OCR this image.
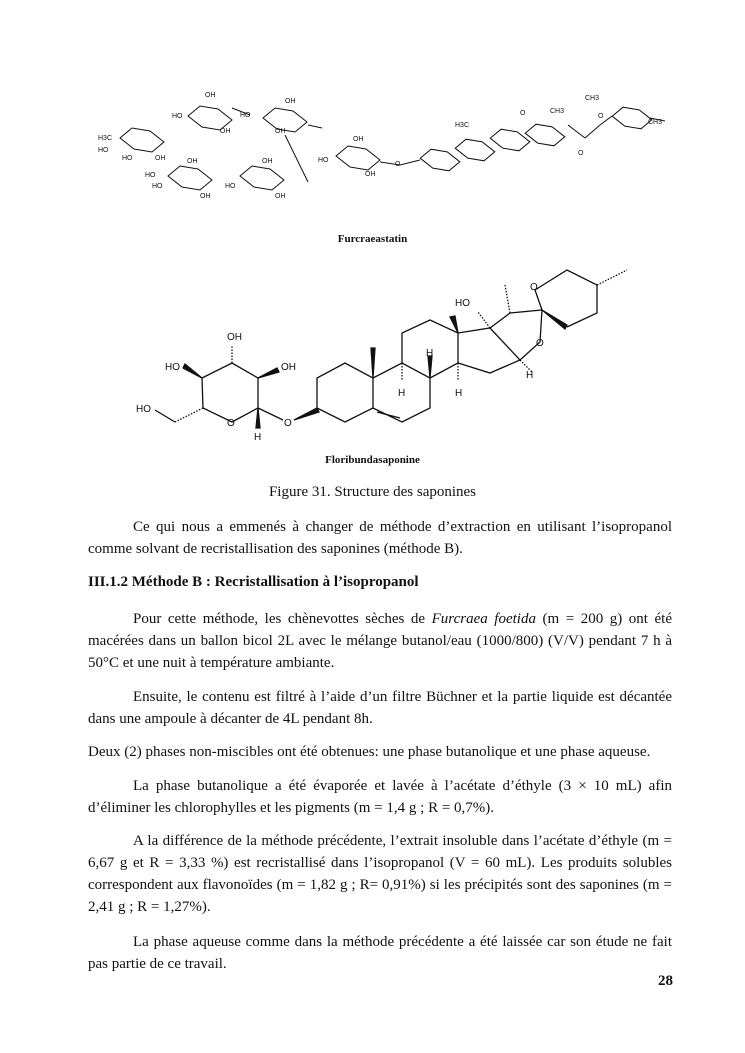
OH
HO	OH
HO
O	O
H
HO
O
O
H
H
H
H
OH
HO
OH
OH
HO
OH
H3C
HO
HO	OH	OH
HO
HO
OH
OH
HO
OH
OH
HO
OH
O
H3C
O	CH3
CH3
O
O
CH3
Furcraeastatin
Floribundasaponine
Figure 31. Structure des saponines

Ce qui nous a emmenés à changer de méthode d’extraction en utilisant l’isopropanol comme solvant de recristallisation des saponines (méthode B).

III.1.2 Méthode B : Recristallisation à l’isopropanol

Pour cette méthode, les chènevottes sèches de Furcraea foetida (m = 200 g) ont été macérées dans un ballon bicol 2L avec le mélange butanol/eau (1000/800) (V/V) pendant 7 h à 50°C et une nuit à température ambiante.

Ensuite, le contenu est filtré à l’aide d’un filtre Büchner et la partie liquide est décantée dans une ampoule à décanter de 4L pendant 8h.

Deux (2) phases non-miscibles ont été obtenues: une phase butanolique et une phase aqueuse.

La phase butanolique a été évaporée et lavée à l’acétate d’éthyle (3 × 10 mL) afin d’éliminer les chlorophylles et les pigments (m = 1,4 g ; R = 0,7%).

A la différence de la méthode précédente, l’extrait insoluble dans l’acétate d’éthyle (m = 6,67 g et R = 3,33 %) est recristallisé dans l’isopropanol (V = 60 mL). Les produits solubles correspondent aux flavonoïdes (m = 1,82 g ; R= 0,91%) si les précipités sont des saponines (m = 2,41 g ; R = 1,27%).

La phase aqueuse comme dans la méthode précédente a été laissée car son étude ne fait pas partie de ce travail.

28
